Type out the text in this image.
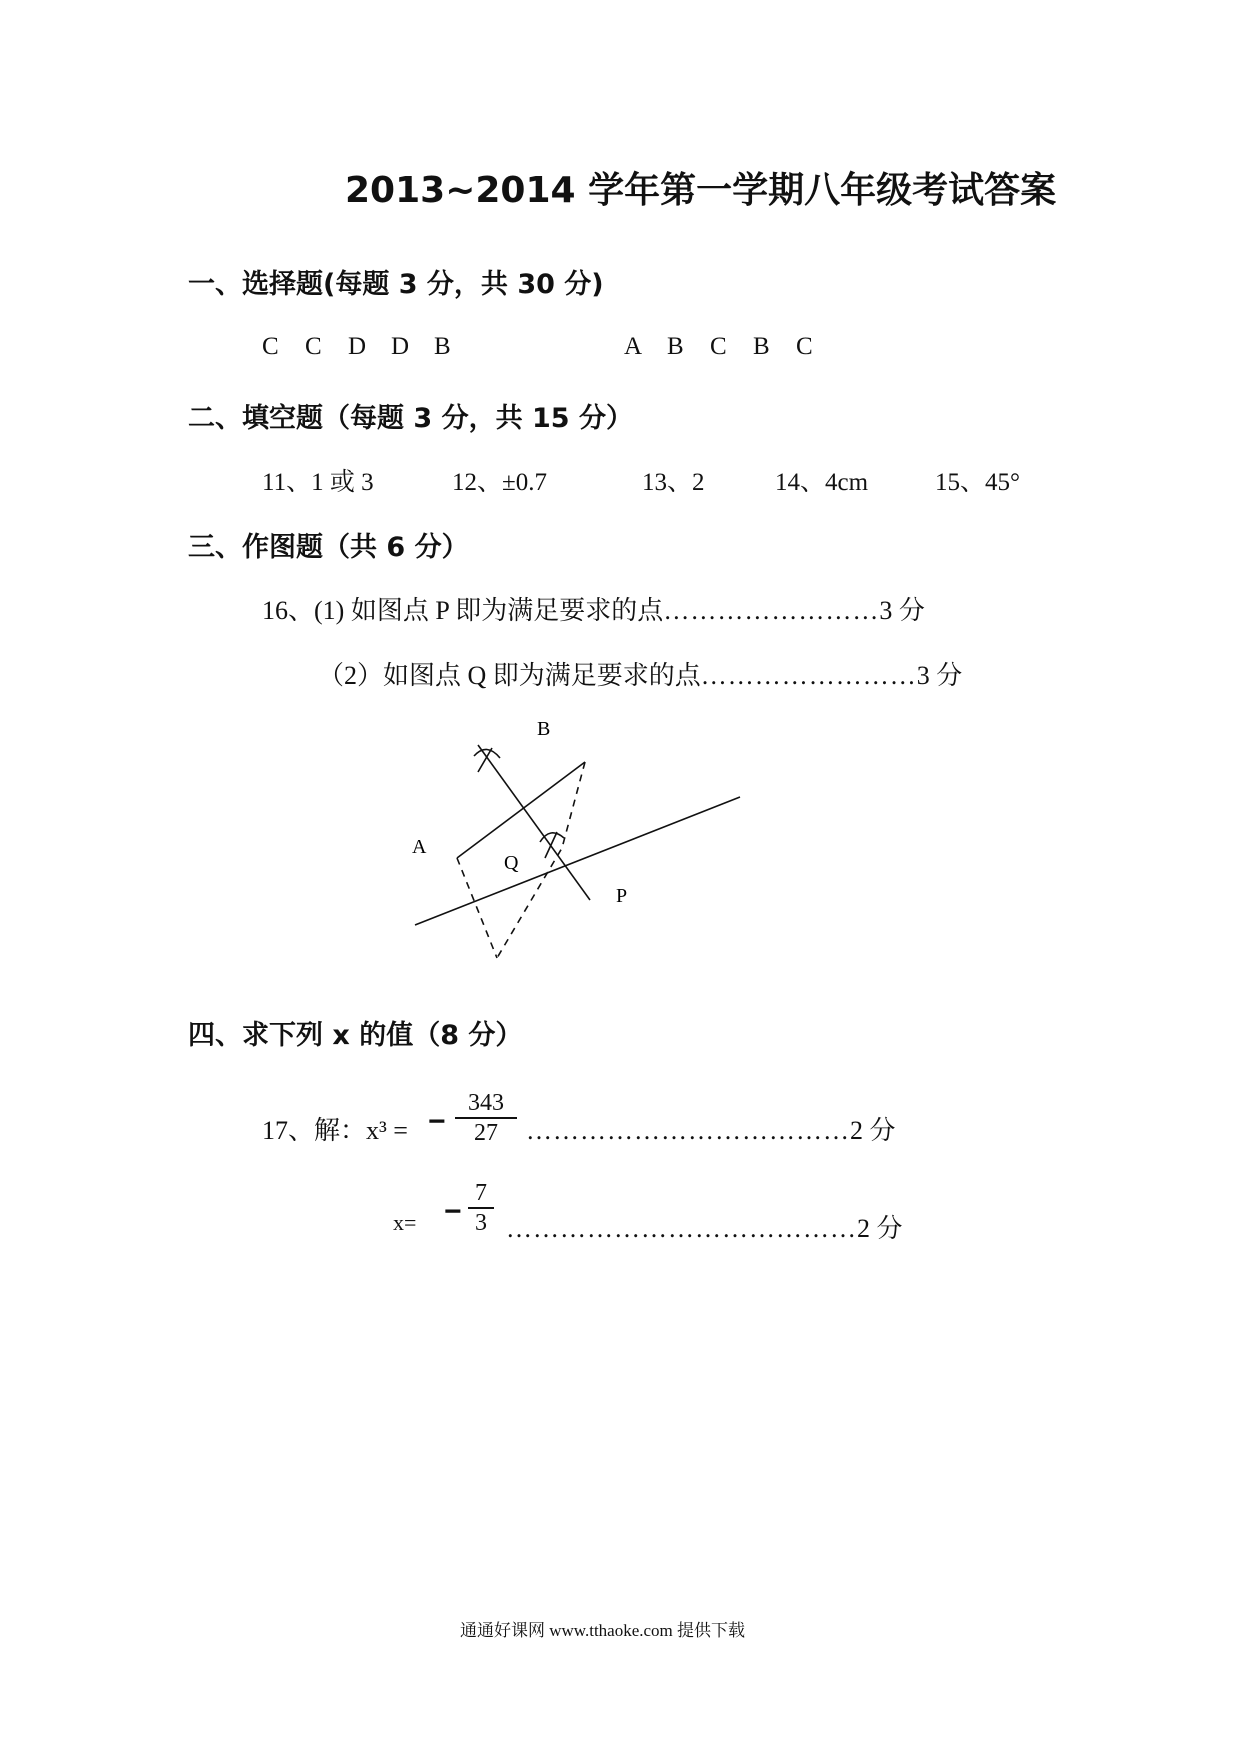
2013~2014 学年第一学期八年级考试答案
一、选择题(每题 3 分，共 30 分)
C C D D B	A B C B C
二、填空题（每题 3 分，共 15 分）
11、1 或 3	12、±0.7	13、2	14、4cm	15、45°
三、作图题（共 6 分）
16、(1) 如图点 P 即为满足要求的点……………………3 分
（2）如图点 Q 即为满足要求的点……………………3 分
B
A
Q
P
四、求下列 x 的值（8 分）
17、解：x³ = −
343
27	………………………………2 分
x= −
7
3 …………………………………2 分
通通好课网 www.tthaoke.com 提供下载
